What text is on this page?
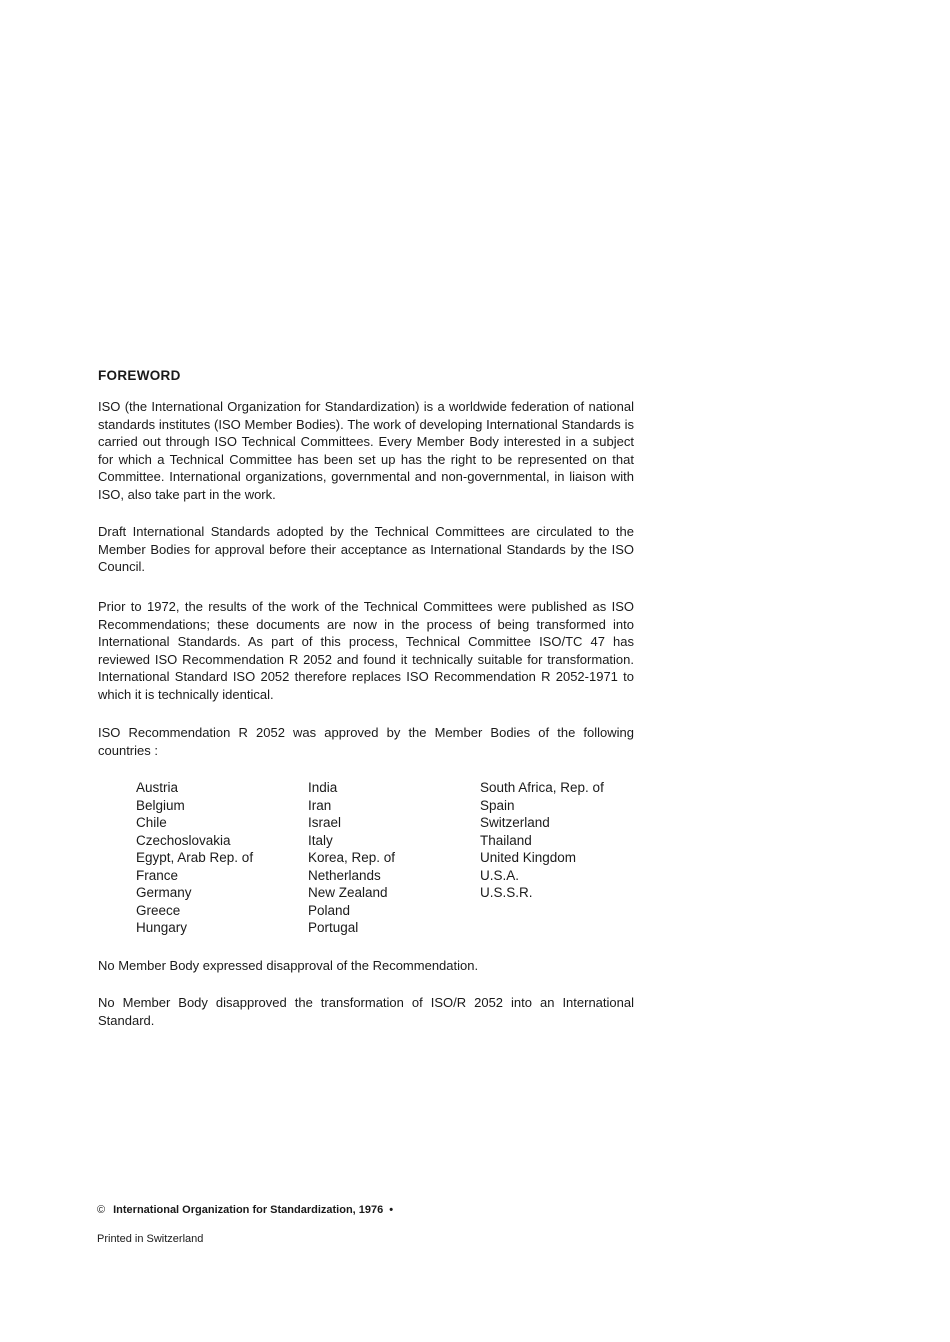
FOREWORD

ISO (the International Organization for Standardization) is a worldwide federation of national standards institutes (ISO Member Bodies). The work of developing International Standards is carried out through ISO Technical Committees. Every Member Body interested in a subject for which a Technical Committee has been set up has the right to be represented on that Committee. International organizations, governmental and non-governmental, in liaison with ISO, also take part in the work.

Draft International Standards adopted by the Technical Committees are circulated to the Member Bodies for approval before their acceptance as International Standards by the ISO Council.

Prior to 1972, the results of the work of the Technical Committees were published as ISO Recommendations; these documents are now in the process of being transformed into International Standards. As part of this process, Technical Committee ISO/TC 47 has reviewed ISO Recommendation R 2052 and found it technically suitable for transformation. International Standard ISO 2052 therefore replaces ISO Recommendation R 2052-1971 to which it is technically identical.

ISO Recommendation R 2052 was approved by the Member Bodies of the following countries :

Austria
Belgium
Chile
Czechoslovakia
Egypt, Arab Rep. of
France
Germany
Greece
Hungary
India
Iran
Israel
Italy
Korea, Rep. of
Netherlands
New Zealand
Poland
Portugal
South Africa, Rep. of
Spain
Switzerland
Thailand
United Kingdom
U.S.A.
U.S.S.R.

No Member Body expressed disapproval of the Recommendation.

No Member Body disapproved the transformation of ISO/R 2052 into an International Standard.

© International Organization for Standardization, 1976 •

Printed in Switzerland
